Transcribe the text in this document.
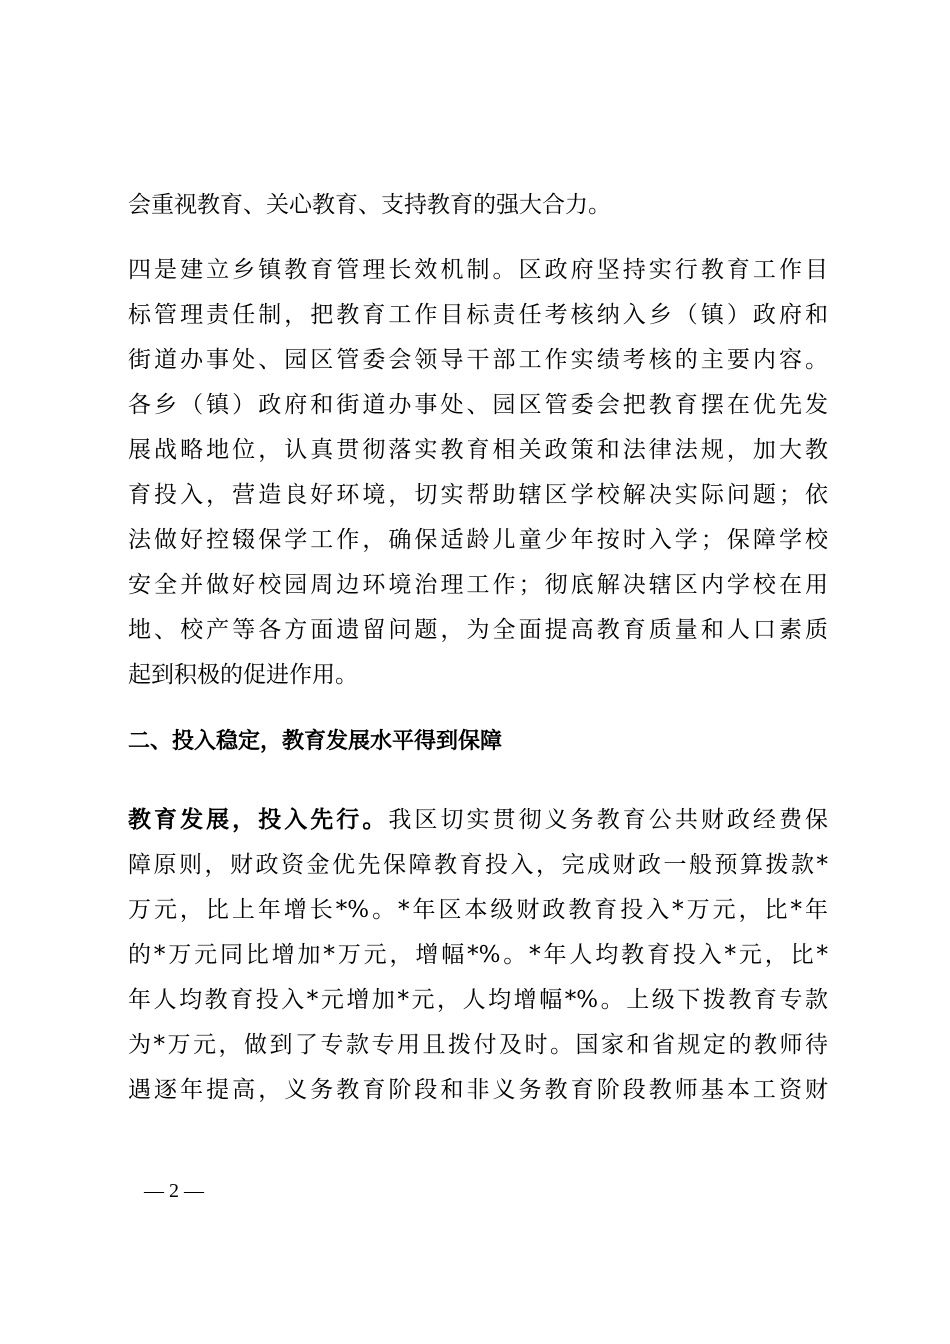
会重视教育、关心教育、支持教育的强大合力。
四是建立乡镇教育管理长效机制。区政府坚持实行教育工作目
标管理责任制，把教育工作目标责任考核纳入乡（镇）政府和
街道办事处、园区管委会领导干部工作实绩考核的主要内容。
各乡（镇）政府和街道办事处、园区管委会把教育摆在优先发
展战略地位，认真贯彻落实教育相关政策和法律法规，加大教
育投入，营造良好环境，切实帮助辖区学校解决实际问题；依
法做好控辍保学工作，确保适龄儿童少年按时入学；保障学校
安全并做好校园周边环境治理工作；彻底解决辖区内学校在用
地、校产等各方面遗留问题，为全面提高教育质量和人口素质
起到积极的促进作用。
二、投入稳定，教育发展水平得到保障
教育发展，投入先行。我区切实贯彻义务教育公共财政经费保
障原则，财政资金优先保障教育投入，完成财政一般预算拨款*
万元，比上年增长*%。*年区本级财政教育投入*万元，比*年
的*万元同比增加*万元，增幅*%。*年人均教育投入*元，比*
年人均教育投入*元增加*元，人均增幅*%。上级下拨教育专款
为*万元，做到了专款专用且拨付及时。国家和省规定的教师待
遇逐年提高，义务教育阶段和非义务教育阶段教师基本工资财
— 2 —
